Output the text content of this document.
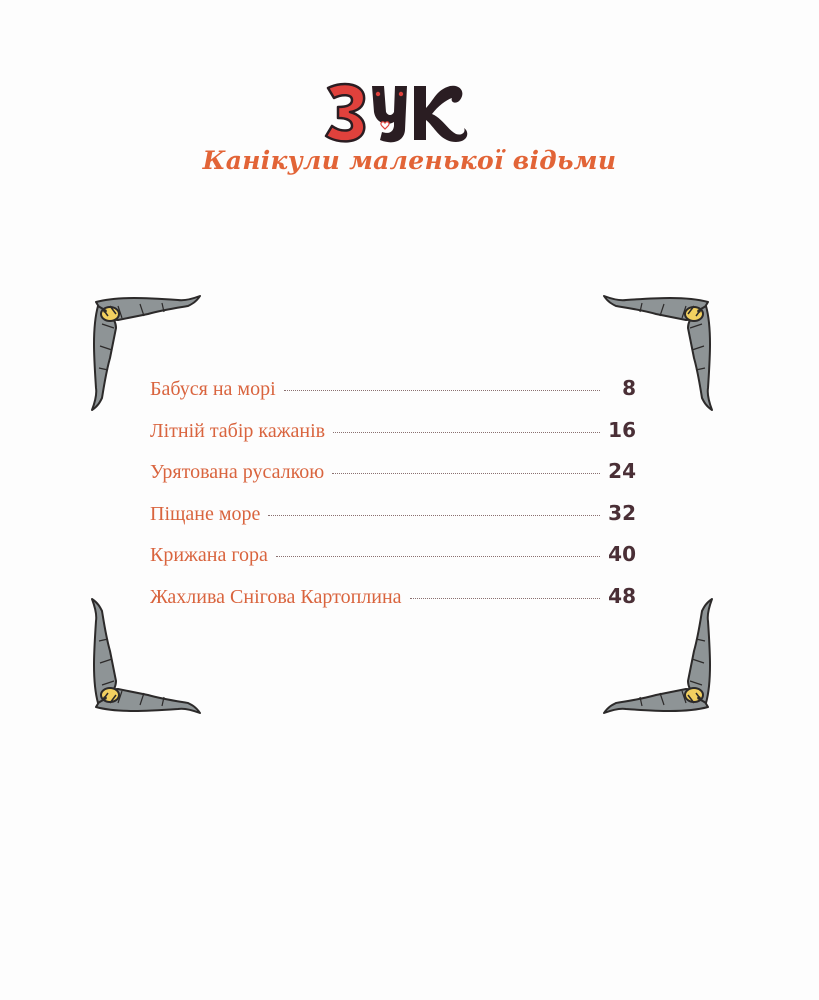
Канікули маленької відьми
Бабуся на морі	8
Літній табір кажанів	16
Урятована русалкою	24
Піщане море	32
Крижана гора	40
Жахлива Снігова Картоплина	48
